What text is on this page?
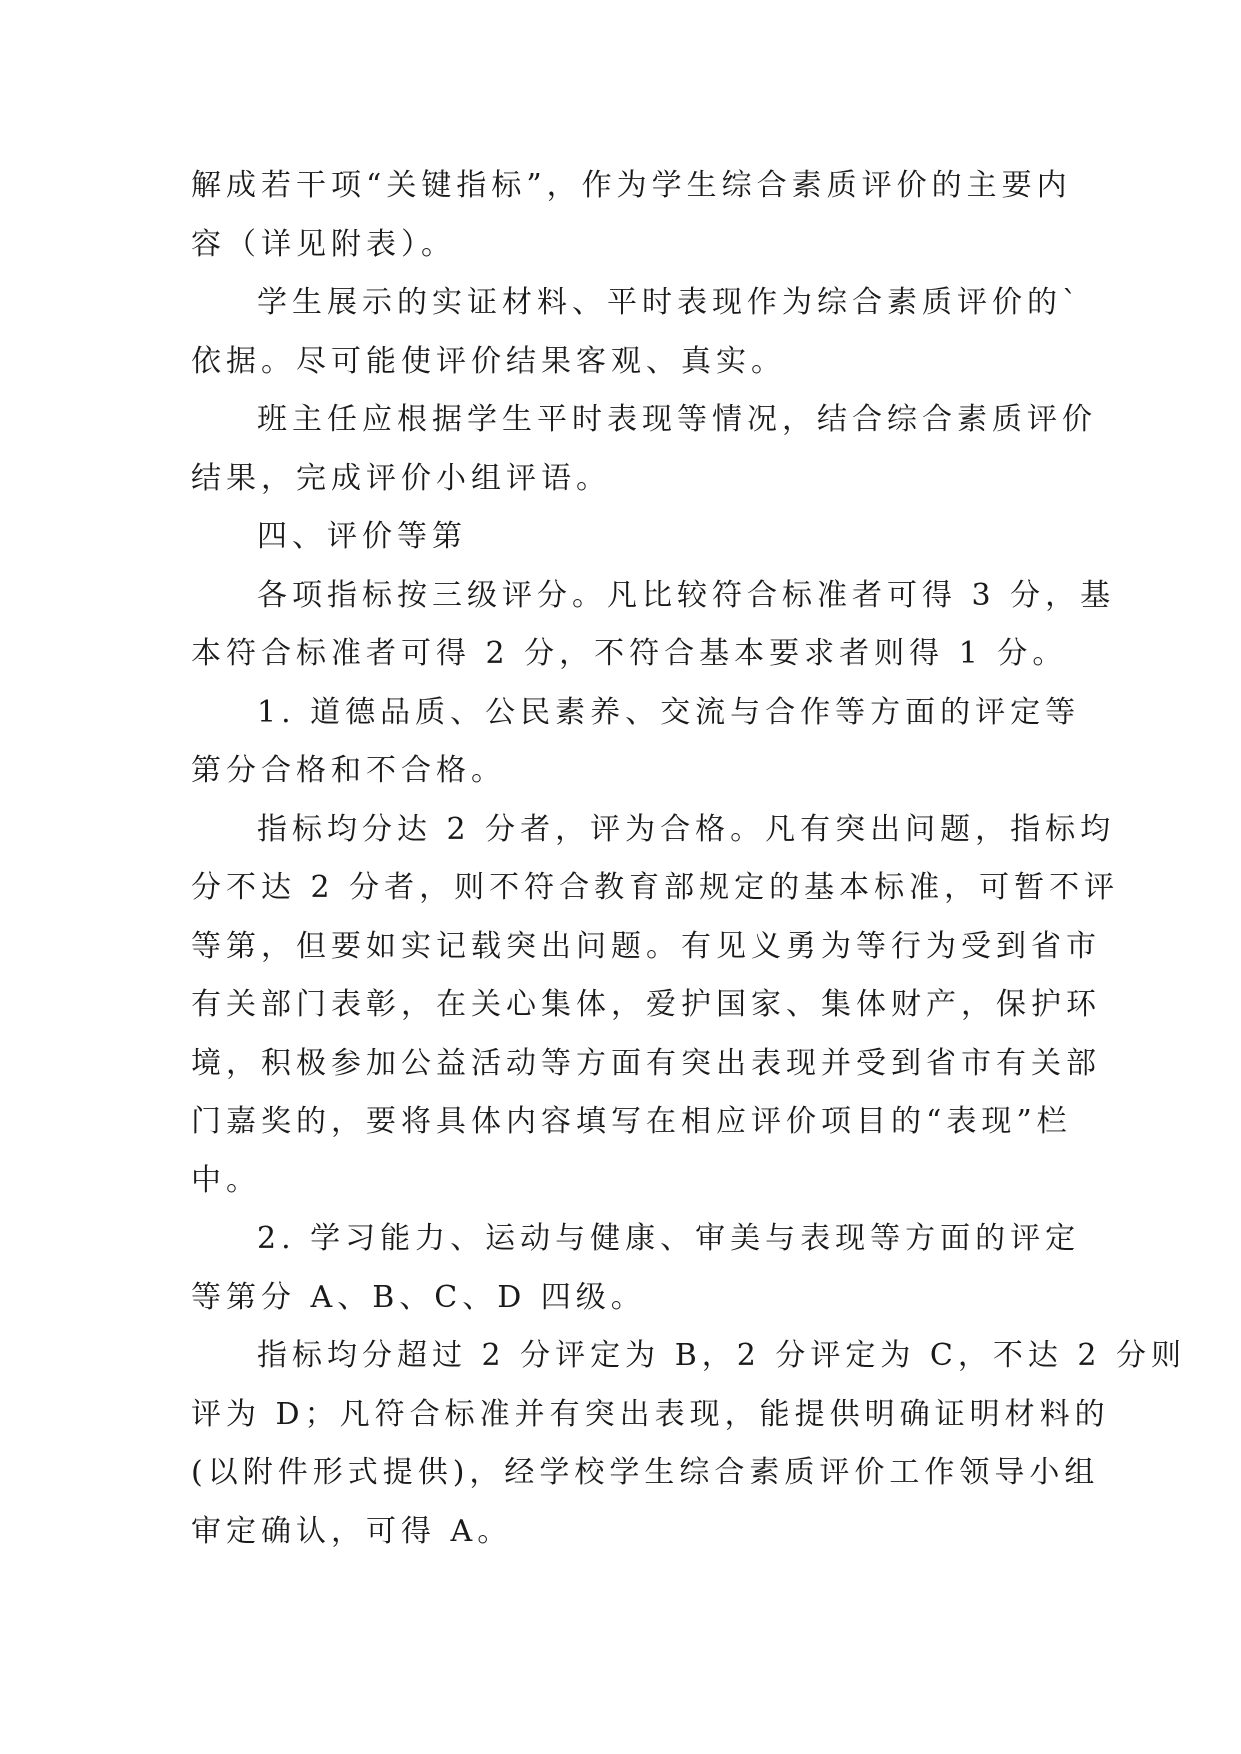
解成若干项“关键指标”，作为学生综合素质评价的主要内
容（详见附表）。
学生展示的实证材料、平时表现作为综合素质评价的`
依据。尽可能使评价结果客观、真实。
班主任应根据学生平时表现等情况，结合综合素质评价
结果，完成评价小组评语。
四、评价等第
各项指标按三级评分。凡比较符合标准者可得 3 分，基
本符合标准者可得 2 分，不符合基本要求者则得 1 分。
1. 道德品质、公民素养、交流与合作等方面的评定等
第分合格和不合格。
指标均分达 2 分者，评为合格。凡有突出问题，指标均
分不达 2 分者，则不符合教育部规定的基本标准，可暂不评
等第，但要如实记载突出问题。有见义勇为等行为受到省市
有关部门表彰，在关心集体，爱护国家、集体财产，保护环
境，积极参加公益活动等方面有突出表现并受到省市有关部
门嘉奖的，要将具体内容填写在相应评价项目的“表现”栏
中。
2. 学习能力、运动与健康、审美与表现等方面的评定
等第分 A、B、C、D 四级。
指标均分超过 2 分评定为 B，2 分评定为 C，不达 2 分则
评为 D；凡符合标准并有突出表现，能提供明确证明材料的
(以附件形式提供)，经学校学生综合素质评价工作领导小组
审定确认，可得 A。
